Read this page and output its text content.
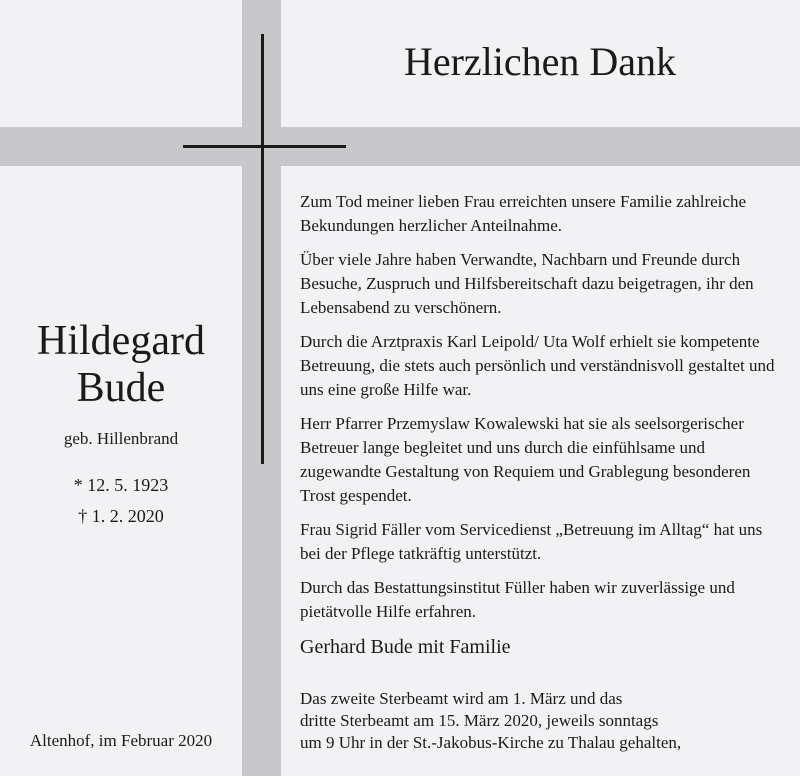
Herzlichen Dank
Hildegard
Bude
geb. Hillenbrand
* 12. 5. 1923
† 1. 2. 2020
Altenhof, im Februar 2020

Zum Tod meiner lieben Frau erreichten unsere Familie zahlreiche Bekundungen herzlicher Anteilnahme.

Über viele Jahre haben Verwandte, Nachbarn und Freunde durch Besuche, Zuspruch und Hilfsbereitschaft dazu beigetragen, ihr den Lebensabend zu verschönern.

Durch die Arztpraxis Karl Leipold/ Uta Wolf erhielt sie kompetente Betreuung, die stets auch persönlich und verständnisvoll gestaltet und uns eine große Hilfe war.

Herr Pfarrer Przemyslaw Kowalewski hat sie als seelsorgerischer Betreuer lange begleitet und uns durch die einfühlsame und zugewandte Gestaltung von Requiem und Grablegung besonderen Trost gespendet.

Frau Sigrid Fäller vom Servicedienst „Betreuung im Alltag“ hat uns bei der Pflege tatkräftig unterstützt.

Durch das Bestattungsinstitut Füller haben wir zuverlässige und pietätvolle Hilfe erfahren.

Gerhard Bude mit Familie
Das zweite Sterbeamt wird am 1. März und das
dritte Sterbeamt am 15. März 2020, jeweils sonntags
um 9 Uhr in der St.-Jakobus-Kirche zu Thalau gehalten,
